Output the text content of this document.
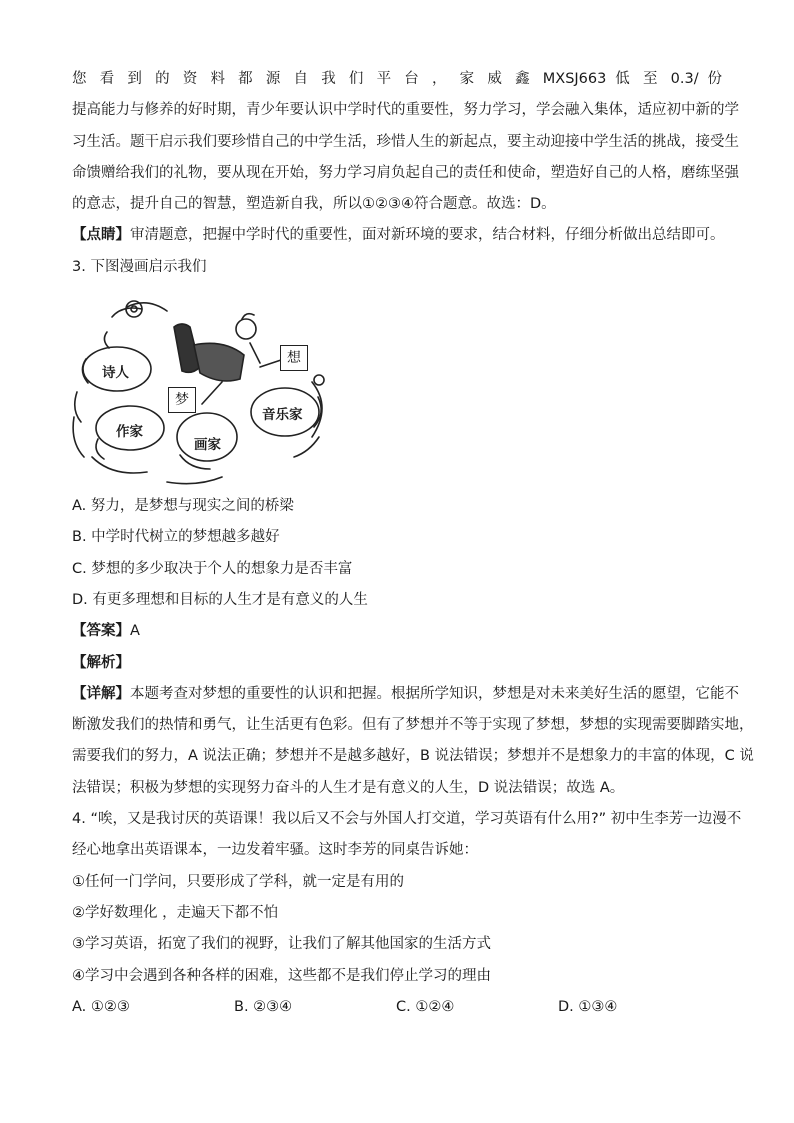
您 看 到 的 资 料 都 源 自 我 们 平 台 ， 家 威 鑫 MXSJ663 低 至 0.3/ 份
提高能力与修养的好时期，青少年要认识中学时代的重要性，努力学习，学会融入集体，适应初中新的学
习生活。题干启示我们要珍惜自己的中学生活，珍惜人生的新起点，要主动迎接中学生活的挑战，接受生
命馈赠给我们的礼物，要从现在开始，努力学习肩负起自己的责任和使命，塑造好自己的人格，磨练坚强
的意志，提升自己的智慧，塑造新自我，所以①②③④符合题意。故选：D。
【点睛】审清题意，把握中学时代的重要性，面对新环境的要求，结合材料，仔细分析做出总结即可。
3. 下图漫画启示我们
诗人
作家
画家
音乐家
梦
想
A. 努力，是梦想与现实之间的桥梁
B. 中学时代树立的梦想越多越好
C. 梦想的多少取决于个人的想象力是否丰富
D. 有更多理想和目标的人生才是有意义的人生
【答案】A
【解析】
【详解】本题考查对梦想的重要性的认识和把握。根据所学知识，梦想是对未来美好生活的愿望，它能不
断激发我们的热情和勇气，让生活更有色彩。但有了梦想并不等于实现了梦想，梦想的实现需要脚踏实地，
需要我们的努力，A 说法正确；梦想并不是越多越好，B 说法错误；梦想并不是想象力的丰富的体现，C 说
法错误；积极为梦想的实现努力奋斗的人生才是有意义的人生，D 说法错误；故选 A。
4. “唉，又是我讨厌的英语课！我以后又不会与外国人打交道，学习英语有什么用?” 初中生李芳一边漫不
经心地拿出英语课本，一边发着牢骚。这时李芳的同桌告诉她：
①任何一门学问，只要形成了学科，就一定是有用的
②学好数理化 ，走遍天下都不怕
③学习英语，拓宽了我们的视野，让我们了解其他国家的生活方式
④学习中会遇到各种各样的困难，这些都不是我们停止学习的理由
A. ①②③	B. ②③④	C. ①②④	D. ①③④
